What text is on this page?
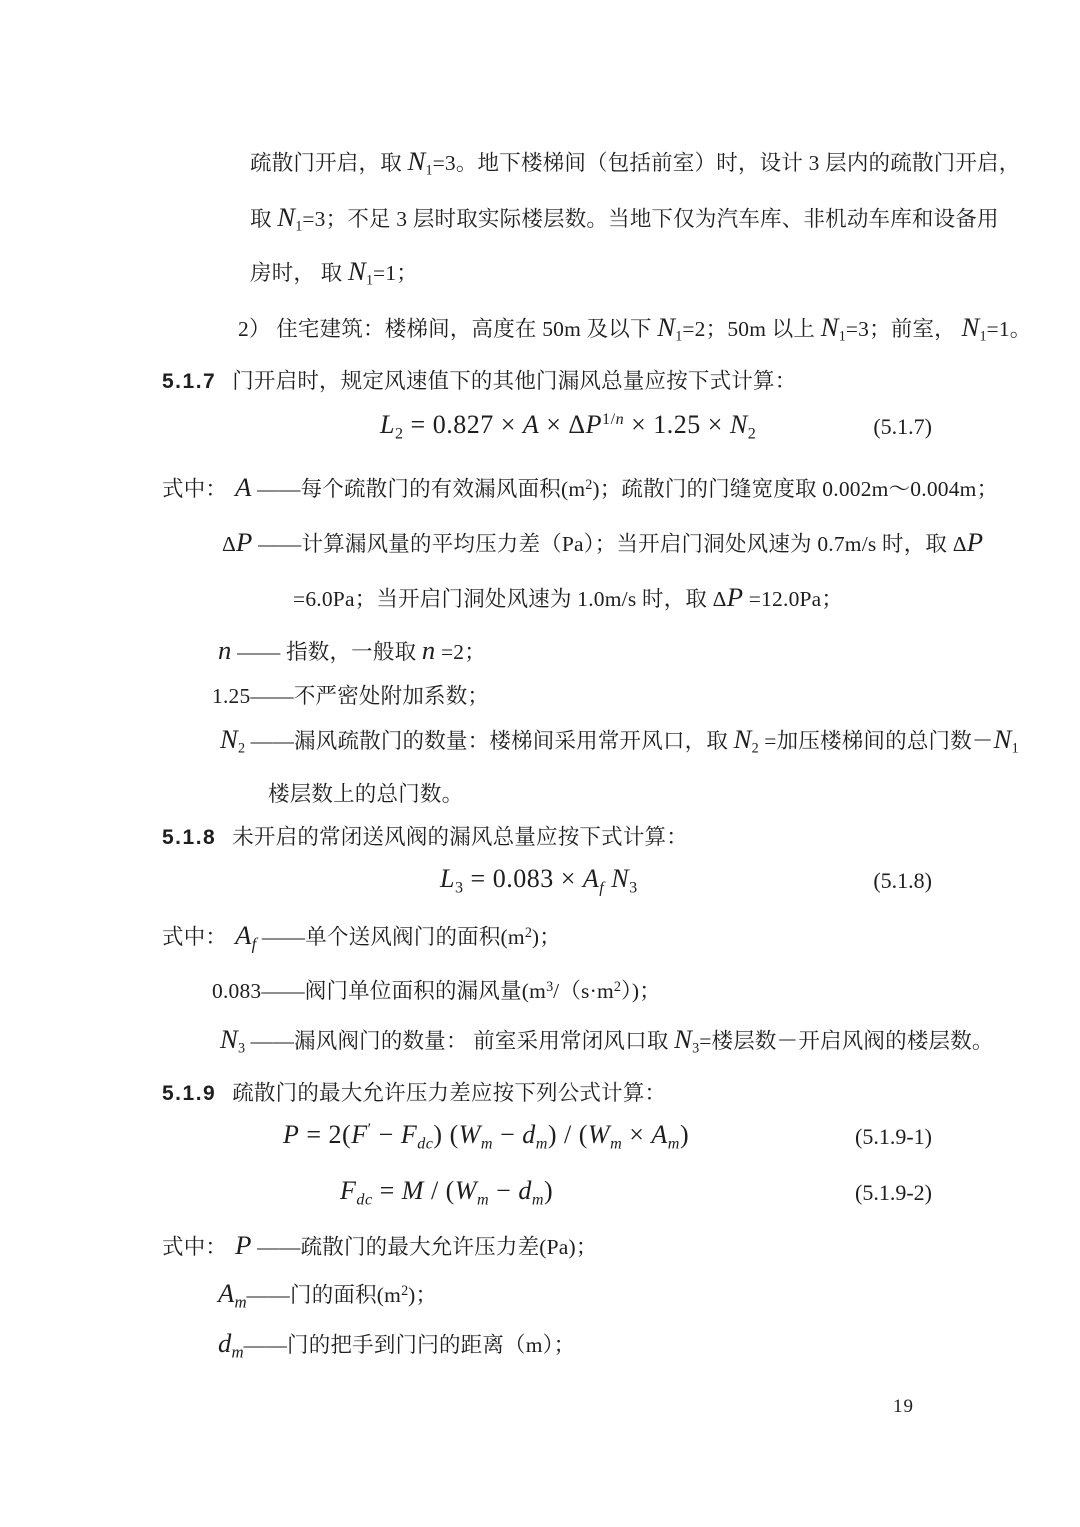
疏散门开启，取 $N_1=3$。地下楼梯间（包括前室）时，设计 3 层内的疏散门开启，
取 $N_1=3$；不足 3 层时取实际楼层数。当地下仅为汽车库、非机动车库和设备用
房时， 取 $N_1=1$；
2） 住宅建筑：楼梯间，高度在 50m 及以下 $N_1=2$；50m 以上 $N_1=3$；前室， $N_1=1$。
5.1.7 门开启时，规定风速值下的其他门漏风总量应按下式计算：
$L_2 = 0.827 \times A \times \Delta P^{1/n} \times 1.25 \times N_2$	(5.1.7)
式中： A ——每个疏散门的有效漏风面积$(m^2)$；疏散门的门缝宽度取 0.002m～0.004m；
ΔP ——计算漏风量的平均压力差（Pa）；当开启门洞处风速为 0.7m/s 时，取 ΔP
=6.0Pa；当开启门洞处风速为 1.0m/s 时，取 ΔP =12.0Pa；
n —— 指数，一般取 n =2；
1.25——不严密处附加系数；
$N_2$ ——漏风疏散门的数量：楼梯间采用常开风口，取 $N_2$ =加压楼梯间的总门数$-N_1$
楼层数上的总门数。
5.1.8 未开启的常闭送风阀的漏风总量应按下式计算：
$L_3 = 0.083 \times A_f$ $N_3$	(5.1.8)
式中： $A_f$ ——单个送风阀门的面积$(m^2)$；
0.083——阀门单位面积的漏风量$(m^3/(s\cdot m^2))$；
$N_3$ ——漏风阀门的数量： 前室采用常闭风口取 $N_3=$楼层数－开启风阀的楼层数。
5.1.9 疏散门的最大允许压力差应按下列公式计算：
$P = 2(F' - F_{dc})$ $(W_m - d_m) / (W_m \times A_m)$	(5.1.9-1)
$F_{dc} = M / (W_m - d_m)$	(5.1.9-2)
式中： P ——疏散门的最大允许压力差(Pa)；
$A_m——$门的面积$(m^2)$；
$d_m——$门的把手到门闩的距离（m）；
19
